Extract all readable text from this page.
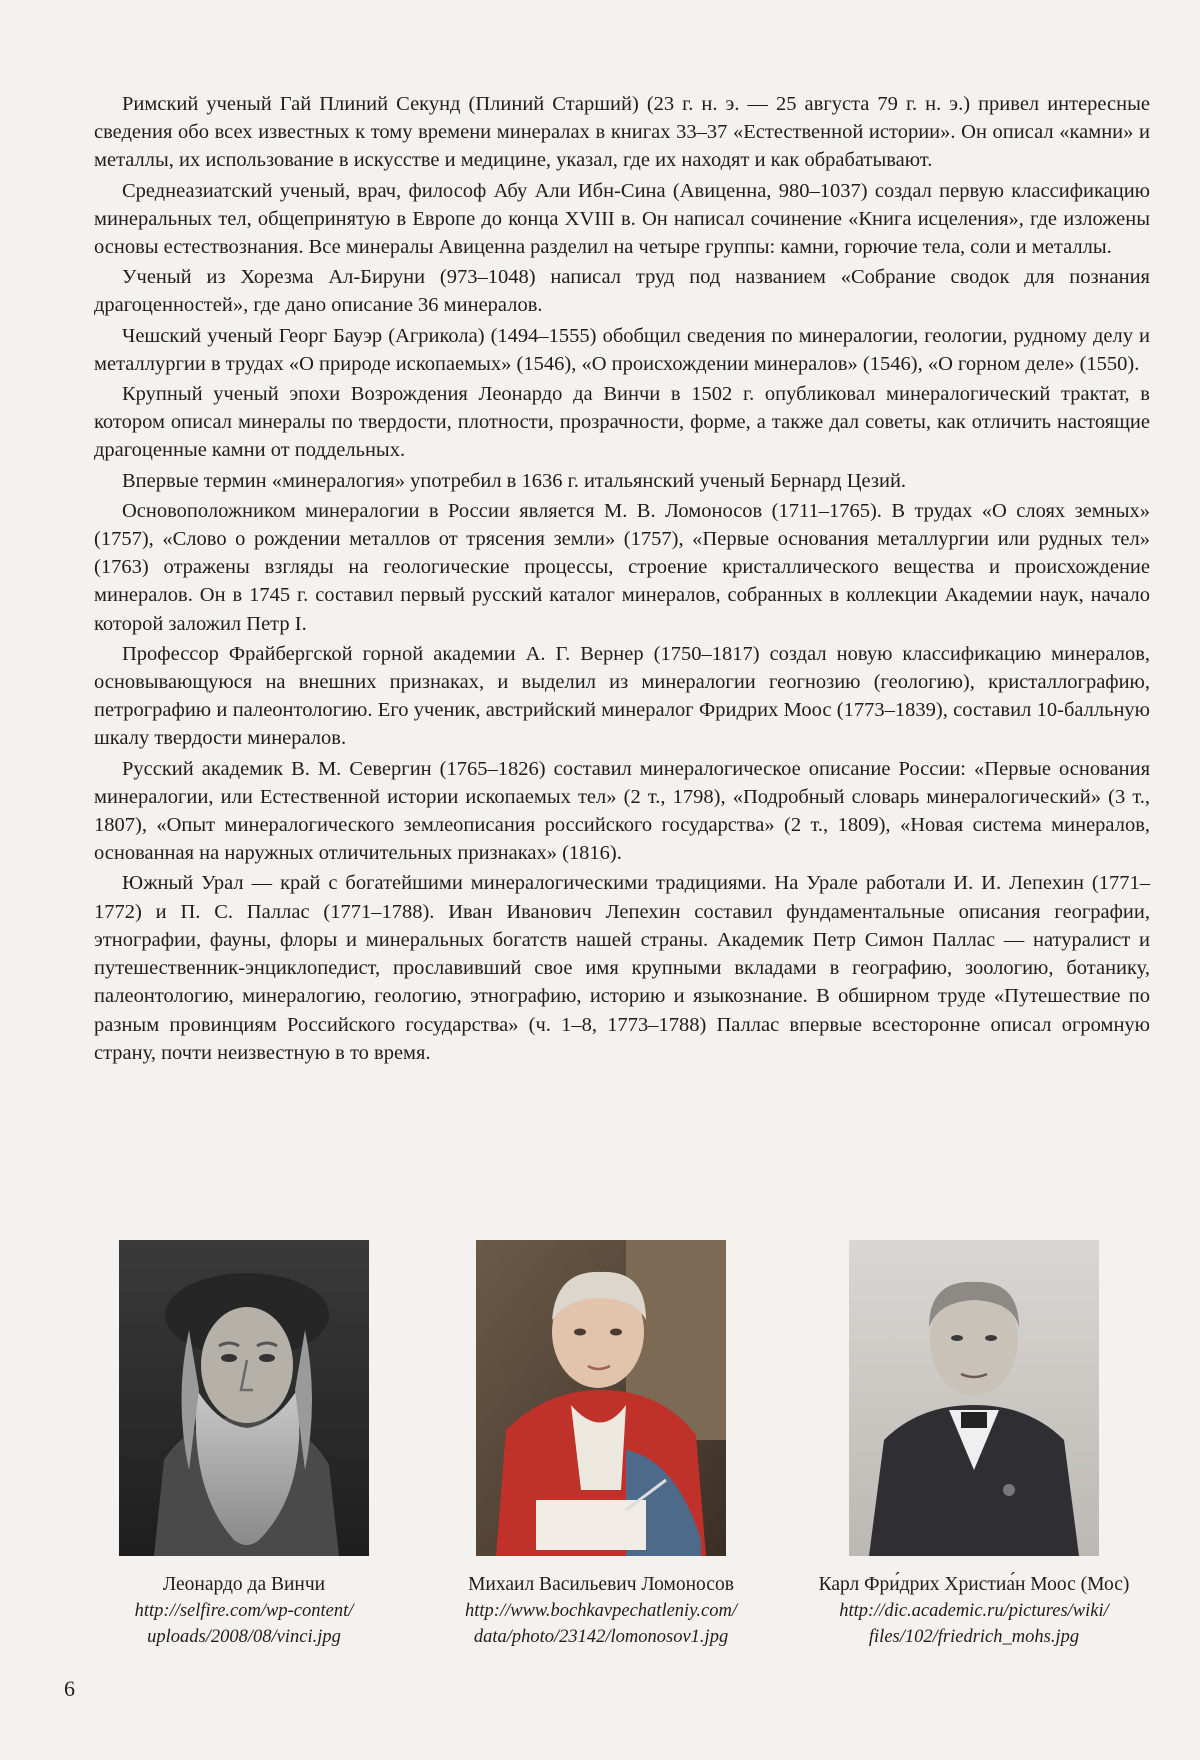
Римский ученый Гай Плиний Секунд (Плиний Старший) (23 г. н. э. — 25 августа 79 г. н. э.) привел интересные сведения обо всех известных к тому времени минералах в книгах 33–37 «Естественной истории». Он описал «камни» и металлы, их использование в искусстве и медицине, указал, где их находят и как обрабатывают.

Среднеазиатский ученый, врач, философ Абу Али Ибн-Сина (Авиценна, 980–1037) создал первую классификацию минеральных тел, общепринятую в Европе до конца XVIII в. Он написал сочинение «Книга исцеления», где изложены основы естествознания. Все минералы Авиценна разделил на четыре группы: камни, горючие тела, соли и металлы.

Ученый из Хорезма Ал-Бируни (973–1048) написал труд под названием «Собрание сводок для познания драгоценностей», где дано описание 36 минералов.

Чешский ученый Георг Бауэр (Агрикола) (1494–1555) обобщил сведения по минералогии, геологии, рудному делу и металлургии в трудах «О природе ископаемых» (1546), «О происхождении минералов» (1546), «О горном деле» (1550).

Крупный ученый эпохи Возрождения Леонардо да Винчи в 1502 г. опубликовал минералогический трактат, в котором описал минералы по твердости, плотности, прозрачности, форме, а также дал советы, как отличить настоящие драгоценные камни от поддельных.

Впервые термин «минералогия» употребил в 1636 г. итальянский ученый Бернард Цезий.

Основоположником минералогии в России является М. В. Ломоносов (1711–1765). В трудах «О слоях земных» (1757), «Слово о рождении металлов от трясения земли» (1757), «Первые основания металлургии или рудных тел» (1763) отражены взгляды на геологические процессы, строение кристаллического вещества и происхождение минералов. Он в 1745 г. составил первый русский каталог минералов, собранных в коллекции Академии наук, начало которой заложил Петр I.

Профессор Фрайбергской горной академии А. Г. Вернер (1750–1817) создал новую классификацию минералов, основывающуюся на внешних признаках, и выделил из минералогии геогнозию (геологию), кристаллографию, петрографию и палеонтологию. Его ученик, австрийский минералог Фридрих Моос (1773–1839), составил 10-балльную шкалу твердости минералов.

Русский академик В. М. Севергин (1765–1826) составил минералогическое описание России: «Первые основания минералогии, или Естественной истории ископаемых тел» (2 т., 1798), «Подробный словарь минералогический» (3 т., 1807), «Опыт минералогического землеописания российского государства» (2 т., 1809), «Новая система минералов, основанная на наружных отличительных признаках» (1816).

Южный Урал — край с богатейшими минералогическими традициями. На Урале работали И. И. Лепехин (1771–1772) и П. С. Паллас (1771–1788). Иван Иванович Лепехин составил фундаментальные описания географии, этнографии, фауны, флоры и минеральных богатств нашей страны. Академик Петр Симон Паллас — натуралист и путешественник-энциклопедист, прославивший свое имя крупными вкладами в географию, зоологию, ботанику, палеонтологию, минералогию, геологию, этнографию, историю и языкознание. В обширном труде «Путешествие по разным провинциям Российского государства» (ч. 1–8, 1773–1788) Паллас впервые всесторонне описал огромную страну, почти неизвестную в то время.

Леонардо да Винчи
http://selfire.com/wp-content/
uploads/2008/08/vinci.jpg
Михаил Васильевич Ломоносов
http://www.bochkavpechatleniy.com/
data/photo/23142/lomonosov1.jpg
Карл Фри́дрих Христиа́н Моос (Мос)
http://dic.academic.ru/pictures/wiki/
files/102/friedrich_mohs.jpg
6
